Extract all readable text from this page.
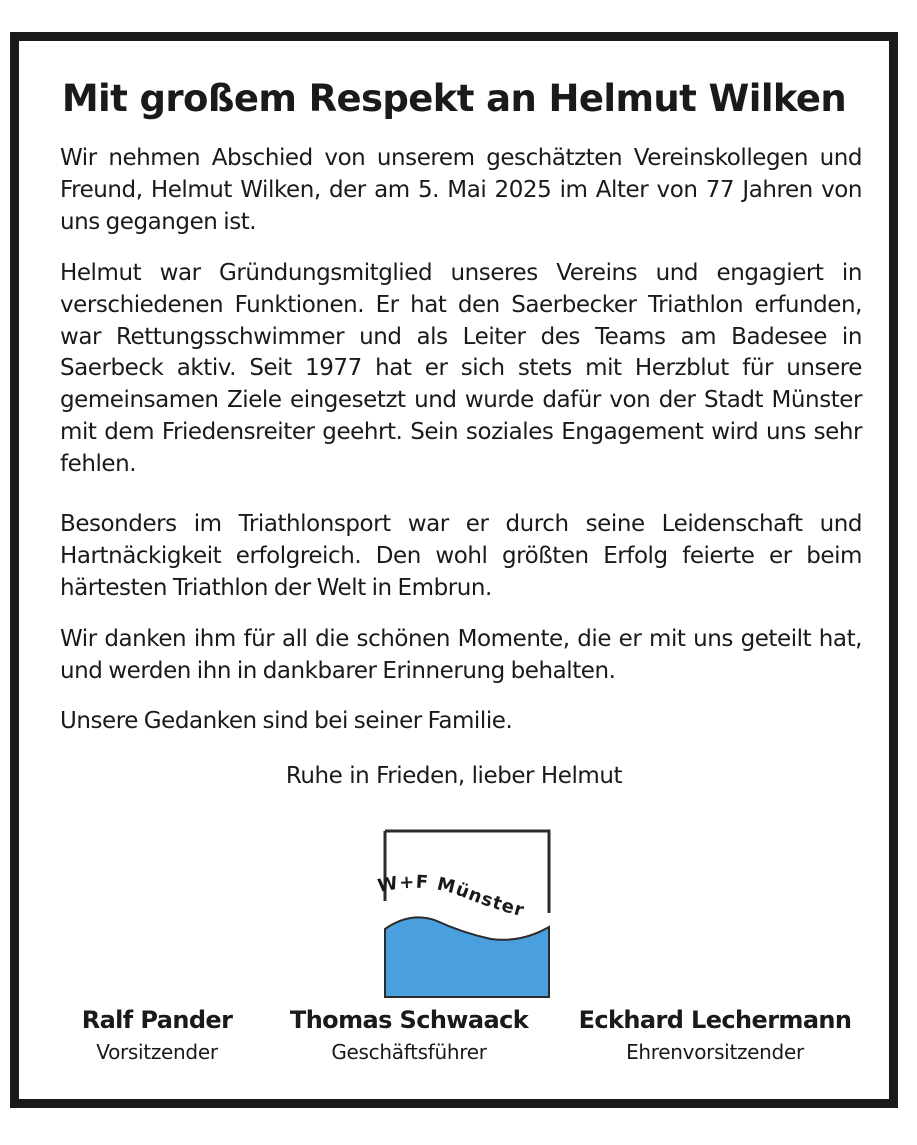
Mit großem Respekt an Helmut Wilken

Wir nehmen Abschied von unserem geschätzten Vereinskollegen und Freund, Helmut Wilken, der am 5. Mai 2025 im Alter von 77 Jahren von uns gegangen ist.

Helmut war Gründungsmitglied unseres Vereins und engagiert in verschiedenen Funktionen. Er hat den Saerbecker Triathlon erfunden, war Rettungsschwimmer und als Leiter des Teams am Badesee in Saerbeck aktiv. Seit 1977 hat er sich stets mit Herzblut für unsere gemeinsamen Ziele eingesetzt und wurde dafür von der Stadt Münster mit dem Friedensreiter geehrt. Sein soziales Engagement wird uns sehr fehlen.

Besonders im Triathlonsport war er durch seine Leidenschaft und Hartnäckigkeit erfolgreich. Den wohl größten Erfolg feierte er beim härtesten Triathlon der Welt in Embrun.

Wir danken ihm für all die schönen Momente, die er mit uns geteilt hat, und werden ihn in dankbarer Erinnerung behalten.

Unsere Gedanken sind bei seiner Familie.

Ruhe in Frieden, lieber Helmut
W+F Münster
Ralf Pander
Vorsitzender
Thomas Schwaack
Geschäftsführer
Eckhard Lechermann
Ehrenvorsitzender
